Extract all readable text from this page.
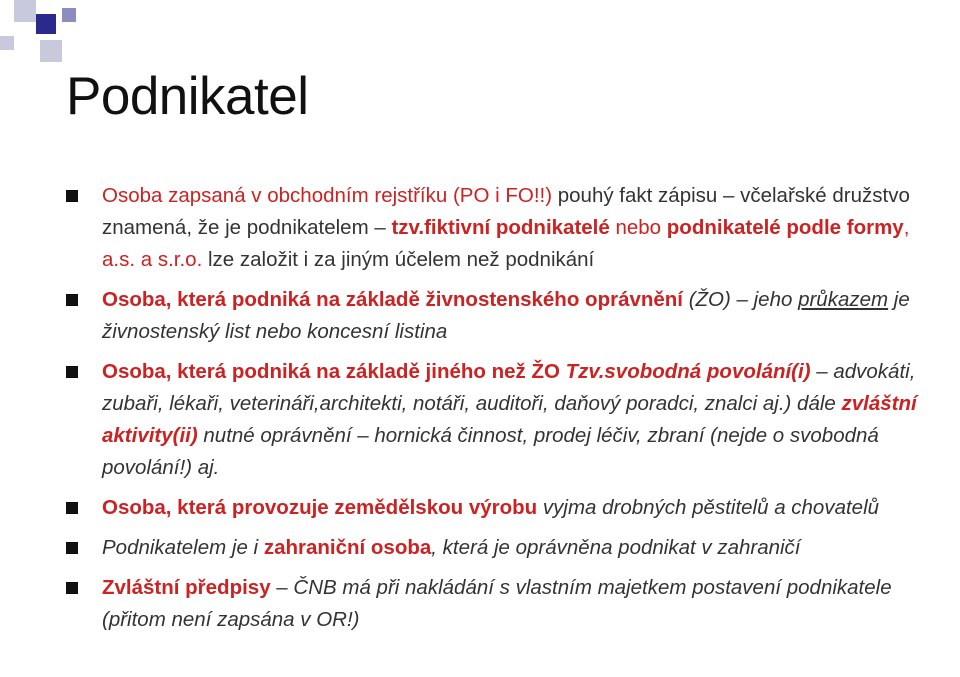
Podnikatel
Osoba zapsaná v obchodním rejstříku (PO i FO!!) pouhý fakt zápisu – včelařské družstvo znamená, že je podnikatelem – tzv.fiktivní podnikatelé nebo podnikatelé podle formy, a.s. a s.r.o. lze založit i za jiným účelem než podnikání
Osoba, která podniká na základě živnostenského oprávnění (ŽO) – jeho průkazem je živnostenský list nebo koncesní listina
Osoba, která podniká na základě jiného než ŽO Tzv.svobodná povolání(i) – advokáti, zubaři, lékaři, veterináři,architekti, notáři, auditoři, daňový poradci, znalci aj.) dále zvláštní aktivity(ii) nutné oprávnění – hornická činnost, prodej léčiv, zbraní (nejde o svobodná povolání!) aj.
Osoba, která provozuje zemědělskou výrobu vyjma drobných pěstitelů a chovatelů
Podnikatelem je i zahraniční osoba, která je oprávněna podnikat v zahraničí
Zvláštní předpisy – ČNB má při nakládání s vlastním majetkem postavení podnikatele (přitom není zapsána v OR!)
